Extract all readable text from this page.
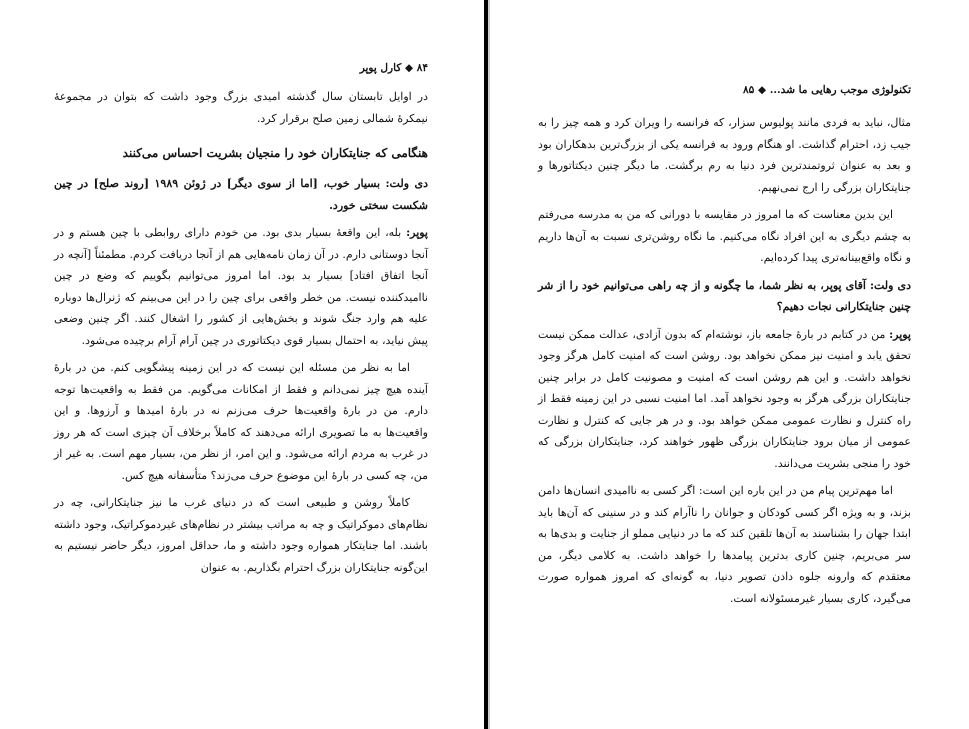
۸۴ ◆ کارل پوپر

در اوایل تابستان سال گذشته امیدی بزرگ وجود داشت که بتوان در مجموعهٔ نیمکرهٔ شمالی زمین صلح برقرار کرد.

هنگامی که جنایتکاران خود را منجیان بشریت احساس می‌کنند

دی ولت: بسیار خوب، [اما از سوی دیگر] در ژوئن ۱۹۸۹ [روند صلح] در چین شکست سختی خورد.

پوپر: بله، این واقعهٔ بسیار بدی بود. من خودم دارای روابطی با چین هستم و در آنجا دوستانی دارم. در آن زمان نامه‌هایی هم از آنجا دریافت کردم. مطمئناً [آنچه در آنجا اتفاق افتاد] بسیار بد بود. اما امروز می‌توانیم بگوییم که وضع در چین ناامیدکننده نیست. من خطر واقعی برای چین را در این می‌بینم که ژنرال‌ها دوباره علیه هم وارد جنگ شوند و بخش‌هایی از کشور را اشغال کنند. اگر چنین وضعی پیش نیاید، به احتمال بسیار قوی دیکتاتوری در چین آرام آرام برچیده می‌شود.

اما به نظر من مسئله این نیست که در این زمینه پیشگویی کنم. من در بارهٔ آینده هیچ چیز نمی‌دانم و فقط از امکانات می‌گویم. من فقط به واقعیت‌ها توجه دارم. من در بارهٔ واقعیت‌ها حرف می‌زنم نه در بارهٔ امیدها و آرزوها. و این واقعیت‌ها به ما تصویری ارائه می‌دهند که کاملاً برخلاف آن چیزی است که هر روز در غرب به مردم ارائه می‌شود. و این امر، از نظر من، بسیار مهم است. به غیر از من، چه کسی در بارهٔ این موضوع حرف می‌زند؟ متأسفانه هیچ کس.

کاملاً روشن و طبیعی است که در دنیای غرب ما نیز جنایتکارانی، چه در نظام‌های دموکراتیک و چه به مراتب بیشتر در نظام‌های غیردموکراتیک، وجود داشته باشند. اما جنایتکار همواره وجود داشته و ما، حداقل امروز، دیگر حاضر نیستیم به این‌گونه جنایتکاران بزرگ احترام بگذاریم. به عنوان

تکنولوژی موجب رهایی ما شد... ◆ ۸۵

مثال، نباید به فردی مانند پولیوس سزار، که فرانسه را ویران کرد و همه چیز را به جیب زد، احترام گذاشت. او هنگام ورود به فرانسه یکی از بزرگ‌ترین بدهکاران بود و بعد به عنوان ثروتمندترین فرد دنیا به رم برگشت. ما دیگر چنین دیکتاتورها و جنایتکاران بزرگی را ارج نمی‌نهیم.

این بدین معناست که ما امروز در مقایسه با دورانی که من به مدرسه می‌رفتم به چشم دیگری به این افراد نگاه می‌کنیم. ما نگاه روشن‌تری نسبت به آن‌ها داریم و نگاه واقع‌بینانه‌تری پیدا کرده‌ایم.

دی ولت: آقای پوپر، به نظر شما، ما چگونه و از چه راهی می‌توانیم خود را از شر چنین جنایتکارانی نجات دهیم؟

پوپر: من در کتابم در بارهٔ جامعه باز، نوشته‌ام که بدون آزادی، عدالت ممکن نیست تحقق یابد و امنیت نیز ممکن نخواهد بود. روشن است که امنیت کامل هرگز وجود نخواهد داشت. و این هم روشن است که امنیت و مصونیت کامل در برابر چنین جنایتکاران بزرگی هرگز به وجود نخواهد آمد. اما امنیت نسبی در این زمینه فقط از راه کنترل و نظارت عمومی ممکن خواهد بود. و در هر جایی که کنترل و نظارت عمومی از میان برود جنایتکاران بزرگی ظهور خواهند کرد، جنایتکاران بزرگی که خود را منجی بشریت می‌دانند.

اما مهم‌ترین پیام من در این باره این است: اگر کسی به ناامیدی انسان‌ها دامن بزند، و به ویژه اگر کسی کودکان و جوانان را ناآرام کند و در سنینی که آن‌ها باید ابتدا جهان را بشناسند به آن‌ها تلقین کند که ما در دنیایی مملو از جنایت و بدی‌ها به سر می‌بریم، چنین کاری بدترین پیامدها را خواهد داشت. به کلامی دیگر، من معتقدم که وارونه جلوه دادن تصویر دنیا، به گونه‌ای که امروز همواره صورت می‌گیرد، کاری بسیار غیرمسئولانه است.
